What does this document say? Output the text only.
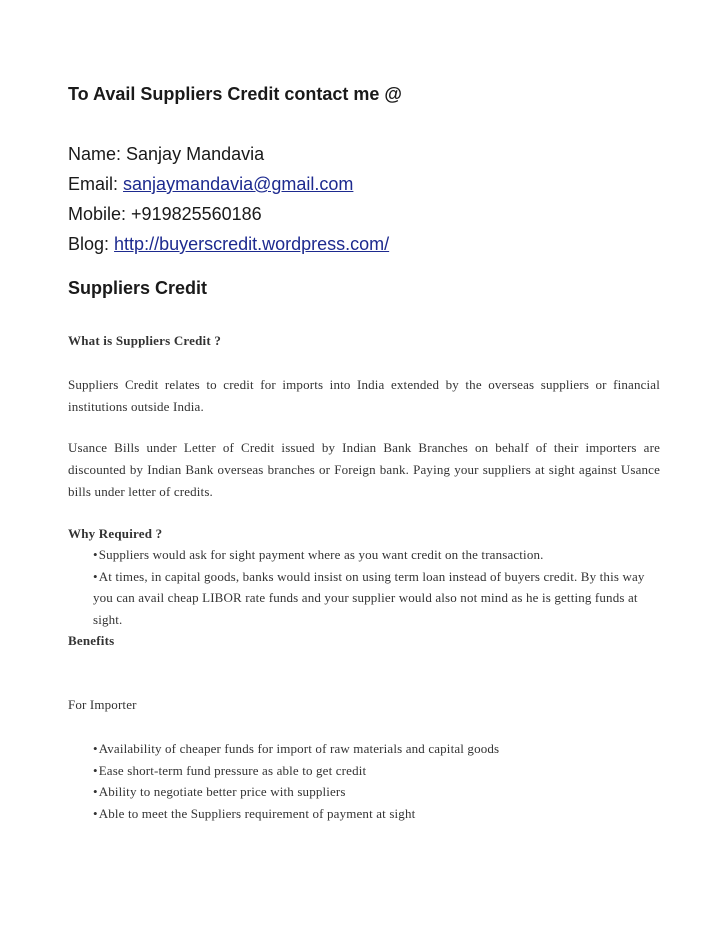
To Avail Suppliers Credit contact me @
Name: Sanjay Mandavia
Email: sanjaymandavia@gmail.com
Mobile: +919825560186
Blog: http://buyerscredit.wordpress.com/
Suppliers Credit
What is Suppliers Credit ?
Suppliers Credit relates to credit for imports into India extended by the overseas suppliers or financial institutions outside India.
Usance Bills under Letter of Credit issued by Indian Bank Branches on behalf of their importers are discounted by Indian Bank overseas branches or Foreign bank. Paying your suppliers at sight against Usance bills under letter of credits.
Why Required ?
•Suppliers would ask for sight payment where as you want credit on the transaction.
•At times, in capital goods, banks would insist on using term loan instead of buyers credit. By this way you can avail cheap LIBOR rate funds and your supplier would also not mind as he is getting funds at sight.
Benefits
For Importer
•Availability of cheaper funds for import of raw materials and capital goods
•Ease short-term fund pressure as able to get credit
•Ability to negotiate better price with suppliers
•Able to meet the Suppliers requirement of payment at sight
